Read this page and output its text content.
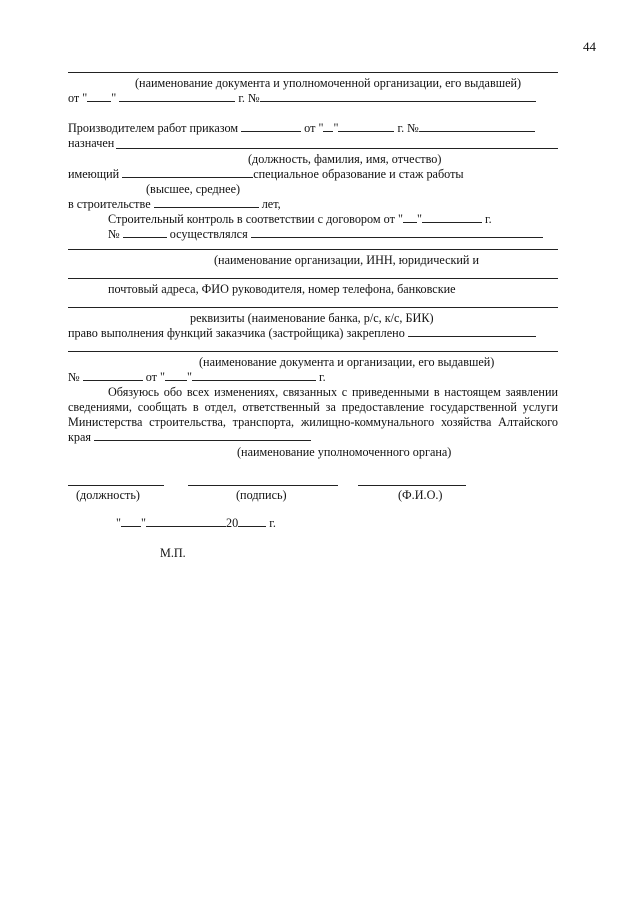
44
(наименование документа и уполномоченной организации, его выдавшей)
от " "	г. №
Производителем работ приказом	от " "	г. №
назначен
(должность, фамилия, имя, отчество)
имеющий	специальное образование и стаж работы
(высшее, среднее)
в строительстве	лет,
Строительный контроль в соответствии с договором от " "	г.
№	осуществлялся
(наименование организации, ИНН, юридический и
почтовый адреса, ФИО руководителя, номер телефона, банковские
реквизиты (наименование банка, р/с, к/с, БИК)
право выполнения функций заказчика (застройщика) закреплено
(наименование документа и организации, его выдавшей)
№	от " "	г.
Обязуюсь обо всех изменениях, связанных с приведенными в настоящем заявлении
сведениями, сообщать в отдел, ответственный за предоставление государственной услуги
Министерства строительства, транспорта, жилищно-коммунального хозяйства Алтайского
края
(наименование уполномоченного органа)
(должность)	(подпись)	(Ф.И.О.)
" "	20	г.
М.П.
